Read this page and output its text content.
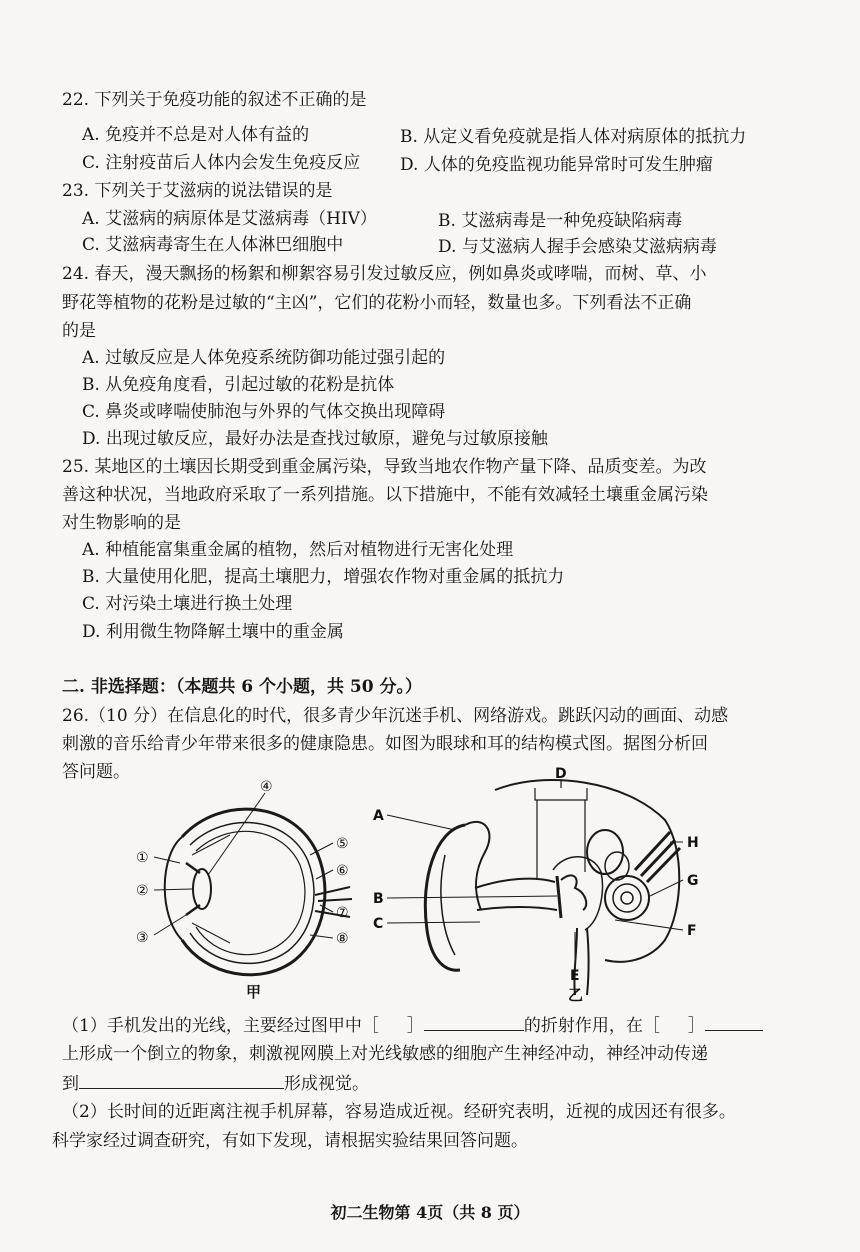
22. 下列关于免疫功能的叙述不正确的是
A. 免疫并不总是对人体有益的	B. 从定义看免疫就是指人体对病原体的抵抗力
C. 注射疫苗后人体内会发生免疫反应 D. 人体的免疫监视功能异常时可发生肿瘤
23. 下列关于艾滋病的说法错误的是
A. 艾滋病的病原体是艾滋病毒（HIV）	B. 艾滋病毒是一种免疫缺陷病毒
C. 艾滋病毒寄生在人体淋巴细胞中	D. 与艾滋病人握手会感染艾滋病病毒
24. 春天，漫天飘扬的杨絮和柳絮容易引发过敏反应，例如鼻炎或哮喘，而树、草、小
野花等植物的花粉是过敏的“主凶”，它们的花粉小而轻，数量也多。下列看法不正确
的是
A. 过敏反应是人体免疫系统防御功能过强引起的
B. 从免疫角度看，引起过敏的花粉是抗体
C. 鼻炎或哮喘使肺泡与外界的气体交换出现障碍
D. 出现过敏反应，最好办法是查找过敏原，避免与过敏原接触
25. 某地区的土壤因长期受到重金属污染，导致当地农作物产量下降、品质变差。为改
善这种状况，当地政府采取了一系列措施。以下措施中，不能有效减轻土壤重金属污染
对生物影响的是
A. 种植能富集重金属的植物，然后对植物进行无害化处理
B. 大量使用化肥，提高土壤肥力，增强农作物对重金属的抵抗力
C. 对污染土壤进行换土处理
D. 利用微生物降解土壤中的重金属
二. 非选择题：（本题共 6 个小题，共 50 分。）
26.（10 分）在信息化的时代，很多青少年沉迷手机、网络游戏。跳跃闪动的画面、动感
刺激的音乐给青少年带来很多的健康隐患。如图为眼球和耳的结构模式图。据图分析回
答问题。
①
②
③
④
⑤
⑥
⑦
⑧
甲
A
B
C
D
E
F
G
H
乙
（1）手机发出的光线，主要经过图甲中［ ］	的折射作用，在［ ］
上形成一个倒立的物象，刺激视网膜上对光线敏感的细胞产生神经冲动，神经冲动传递
到	形成视觉。
（2）长时间的近距离注视手机屏幕，容易造成近视。经研究表明，近视的成因还有很多。
科学家经过调查研究，有如下发现，请根据实验结果回答问题。
初二生物第 4页（共 8 页）
